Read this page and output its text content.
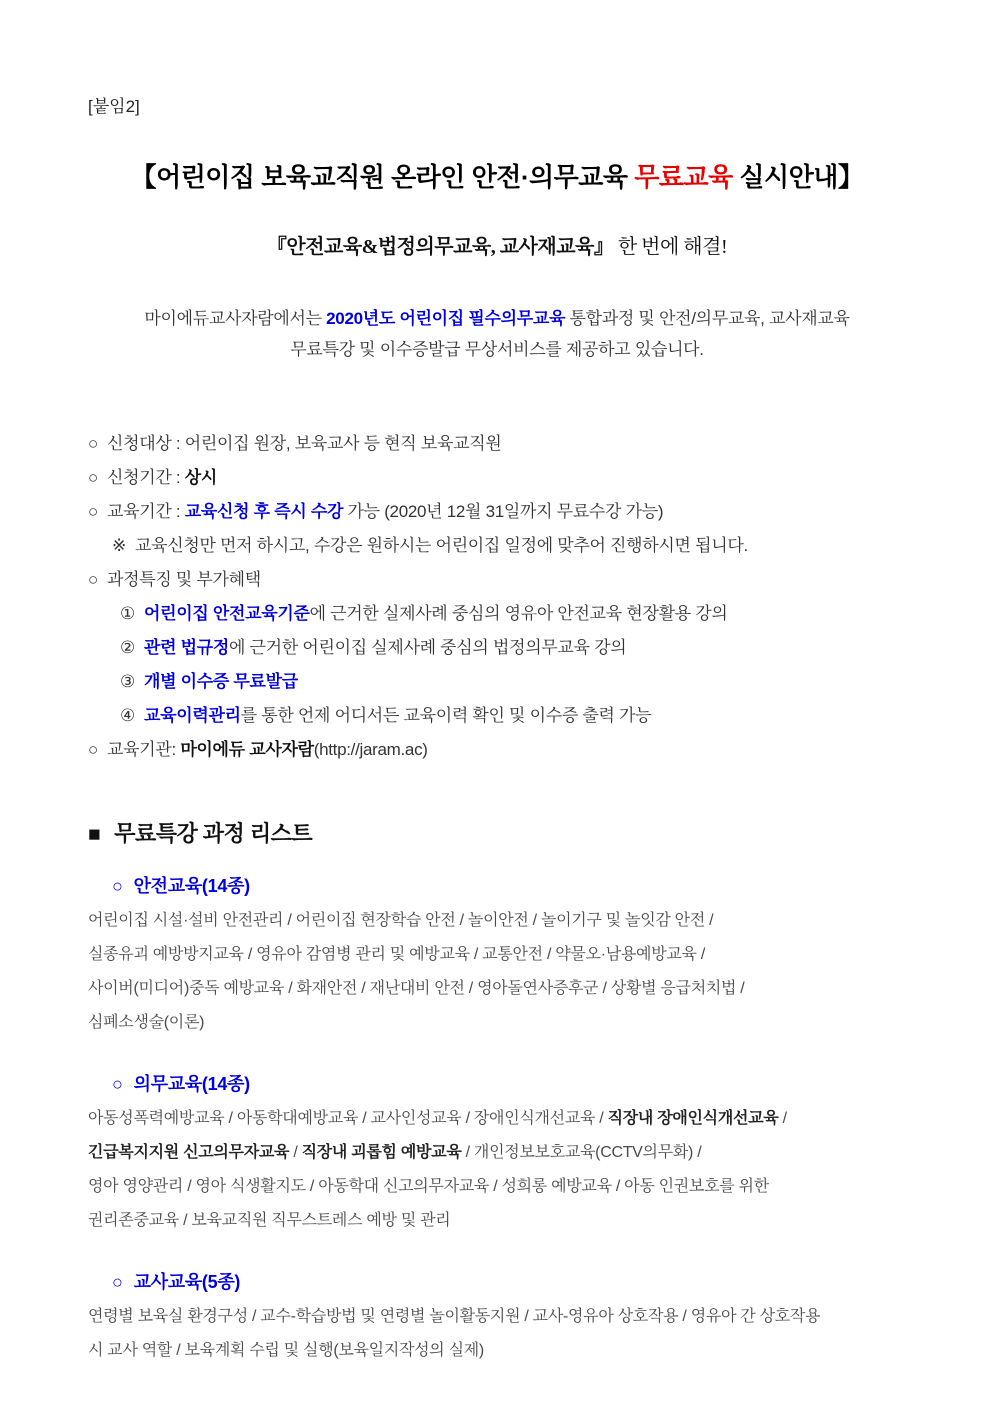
[붙임2]
【어린이집 보육교직원 온라인 안전·의무교육 무료교육 실시안내】
『안전교육&법정의무교육, 교사재교육』 한 번에 해결!
마이에듀교사자람에서는 2020년도 어린이집 필수의무교육 통합과정 및 안전/의무교육, 교사재교육
무료특강 및 이수증발급 무상서비스를 제공하고 있습니다.
○ 신청대상 : 어린이집 원장, 보육교사 등 현직 보육교직원
○ 신청기간 : 상시
○ 교육기간 : 교육신청 후 즉시 수강 가능 (2020년 12월 31일까지 무료수강 가능)
※ 교육신청만 먼저 하시고, 수강은 원하시는 어린이집 일정에 맞추어 진행하시면 됩니다.
○ 과정특징 및 부가혜택
① 어린이집 안전교육기준에 근거한 실제사례 중심의 영유아 안전교육 현장활용 강의
② 관련 법규정에 근거한 어린이집 실제사례 중심의 법정의무교육 강의
③ 개별 이수증 무료발급
④ 교육이력관리를 통한 언제 어디서든 교육이력 확인 및 이수증 출력 가능
○ 교육기관: 마이에듀 교사자람(http://jaram.ac)
■ 무료특강 과정 리스트
○ 안전교육(14종)
어린이집 시설·설비 안전관리 / 어린이집 현장학습 안전 / 놀이안전 / 놀이기구 및 놀잇감 안전 /
실종유괴 예방방지교육 / 영유아 감염병 관리 및 예방교육 / 교통안전 / 약물오·남용예방교육 /
사이버(미디어)중독 예방교육 / 화재안전 / 재난대비 안전 / 영아돌연사증후군 / 상황별 응급처치법 /
심폐소생술(이론)
○ 의무교육(14종)
아동성폭력예방교육 / 아동학대예방교육 / 교사인성교육 / 장애인식개선교육 / 직장내 장애인식개선교육 /
긴급복지지원 신고의무자교육 / 직장내 괴롭힘 예방교육 / 개인정보보호교육(CCTV의무화) /
영아 영양관리 / 영아 식생활지도 / 아동학대 신고의무자교육 / 성희롱 예방교육 / 아동 인권보호를 위한
권리존중교육 / 보육교직원 직무스트레스 예방 및 관리
○ 교사교육(5종)
연령별 보육실 환경구성 / 교수-학습방법 및 연령별 놀이활동지원 / 교사-영유아 상호작용 / 영유아 간 상호작용
시 교사 역할 / 보육계획 수립 및 실행(보육일지작성의 실제)
